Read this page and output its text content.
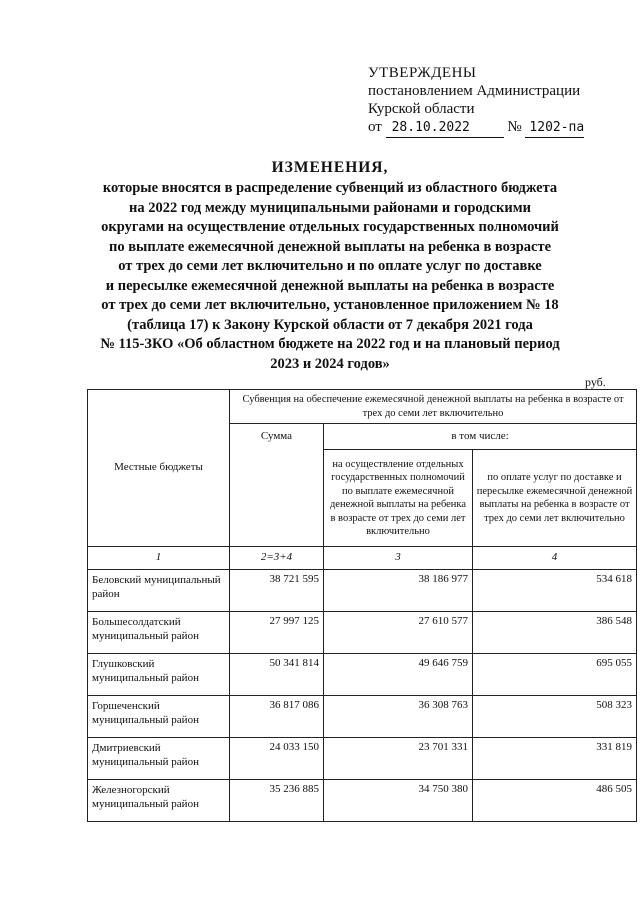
УТВЕРЖДЕНЫ
постановлением Администрации
Курской области
от 28.10.2022 № 1202-па
ИЗМЕНЕНИЯ,
которые вносятся в распределение субвенций из областного бюджета
на 2022 год между муниципальными районами и городскими
округами на осуществление отдельных государственных полномочий
по выплате ежемесячной денежной выплаты на ребенка в возрасте
от трех до семи лет включительно и по оплате услуг по доставке
и пересылке ежемесячной денежной выплаты на ребенка в возрасте
от трех до семи лет включительно, установленное приложением № 18
(таблица 17) к Закону Курской области от 7 декабря 2021 года
№ 115-ЗКО «Об областном бюджете на 2022 год и на плановый период
2023 и 2024 годов»
руб.
Местные бюджеты	Субвенция на обеспечение ежемесячной денежной выплаты на ребенка в возрасте от трех до семи лет включительно		
	Сумма	в том числе:	
		на осуществление отдельных государственных полномочий по выплате ежемесячной денежной выплаты на ребенка в возрасте от трех до семи лет включительно	по оплате услуг по доставке и пересылке ежемесячной денежной выплаты на ребенка в возрасте от трех до семи лет включительно
1	2=3+4	3	4
Беловский муниципальный район	38 721 595	38 186 977	534 618
Большесолдатский муниципальный район	27 997 125	27 610 577	386 548
Глушковский муниципальный район	50 341 814	49 646 759	695 055
Горшеченский муниципальный район	36 817 086	36 308 763	508 323
Дмитриевский муниципальный район	24 033 150	23 701 331	331 819
Железногорский муниципальный район	35 236 885	34 750 380	486 505
